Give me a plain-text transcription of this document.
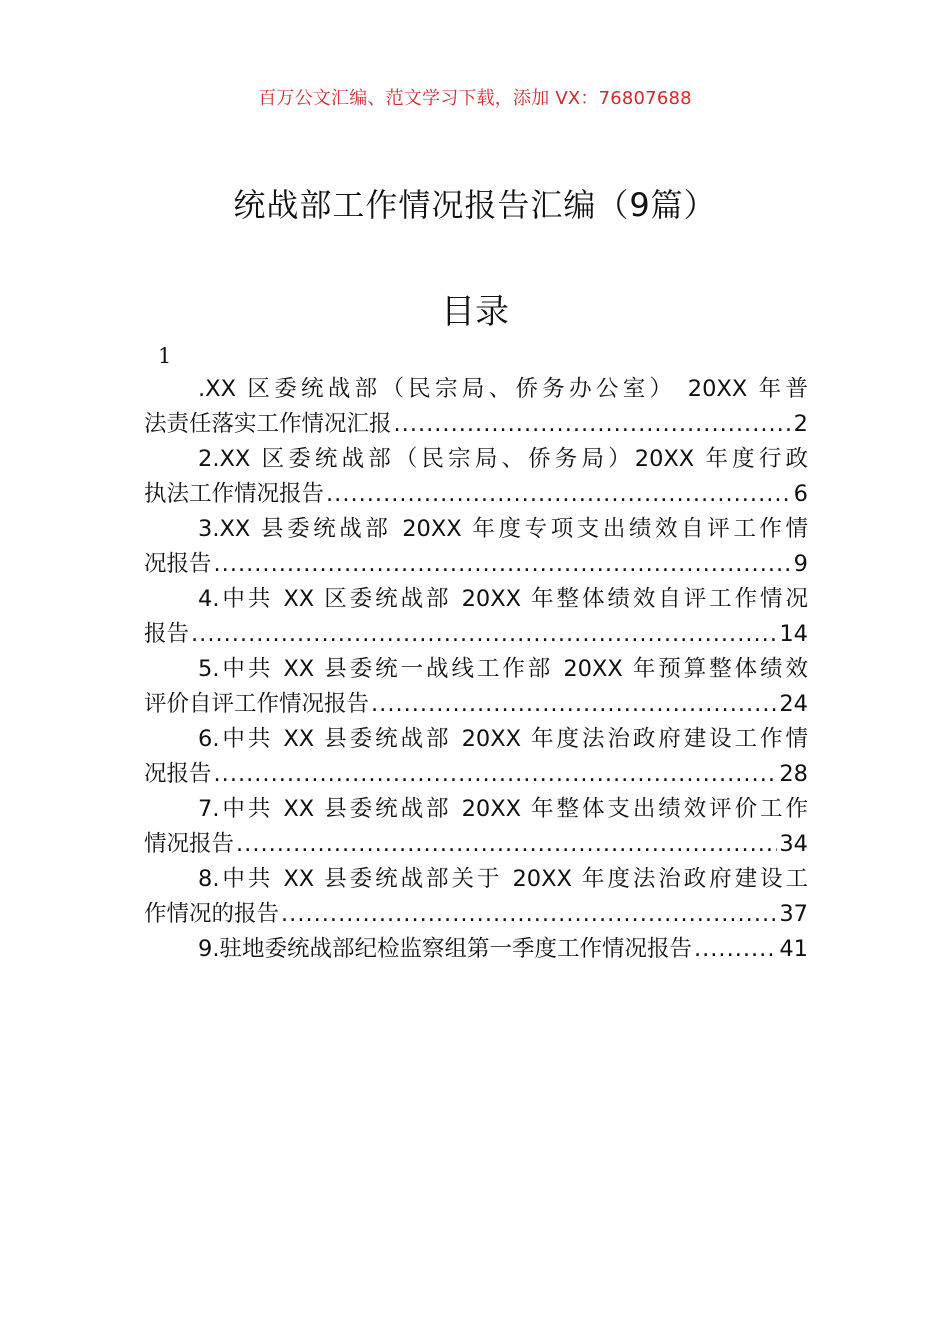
百万公文汇编、范文学习下载，添加 VX：76807688
统战部工作情况报告汇编（9篇）
目录
1
.XX 区委统战部（民宗局、侨务办公室） 20XX 年普
法责任落实工作情况汇报 .....	2
2.XX 区委统战部（民宗局、侨务局）20XX 年度行政
执法工作情况报告 .....	6
3.XX 县委统战部 20XX 年度专项支出绩效自评工作情
况报告 .....	9
4.中共 XX 区委统战部 20XX 年整体绩效自评工作情况
报告 .....	14
5.中共 XX 县委统一战线工作部 20XX 年预算整体绩效
评价自评工作情况报告 .....	24
6.中共 XX 县委统战部 20XX 年度法治政府建设工作情
况报告 .....	28
7.中共 XX 县委统战部 20XX 年整体支出绩效评价工作
情况报告 .....	34
8.中共 XX 县委统战部关于 20XX 年度法治政府建设工
作情况的报告 .....	37
9.驻地委统战部纪检监察组第一季度工作情况报告 .....	41
